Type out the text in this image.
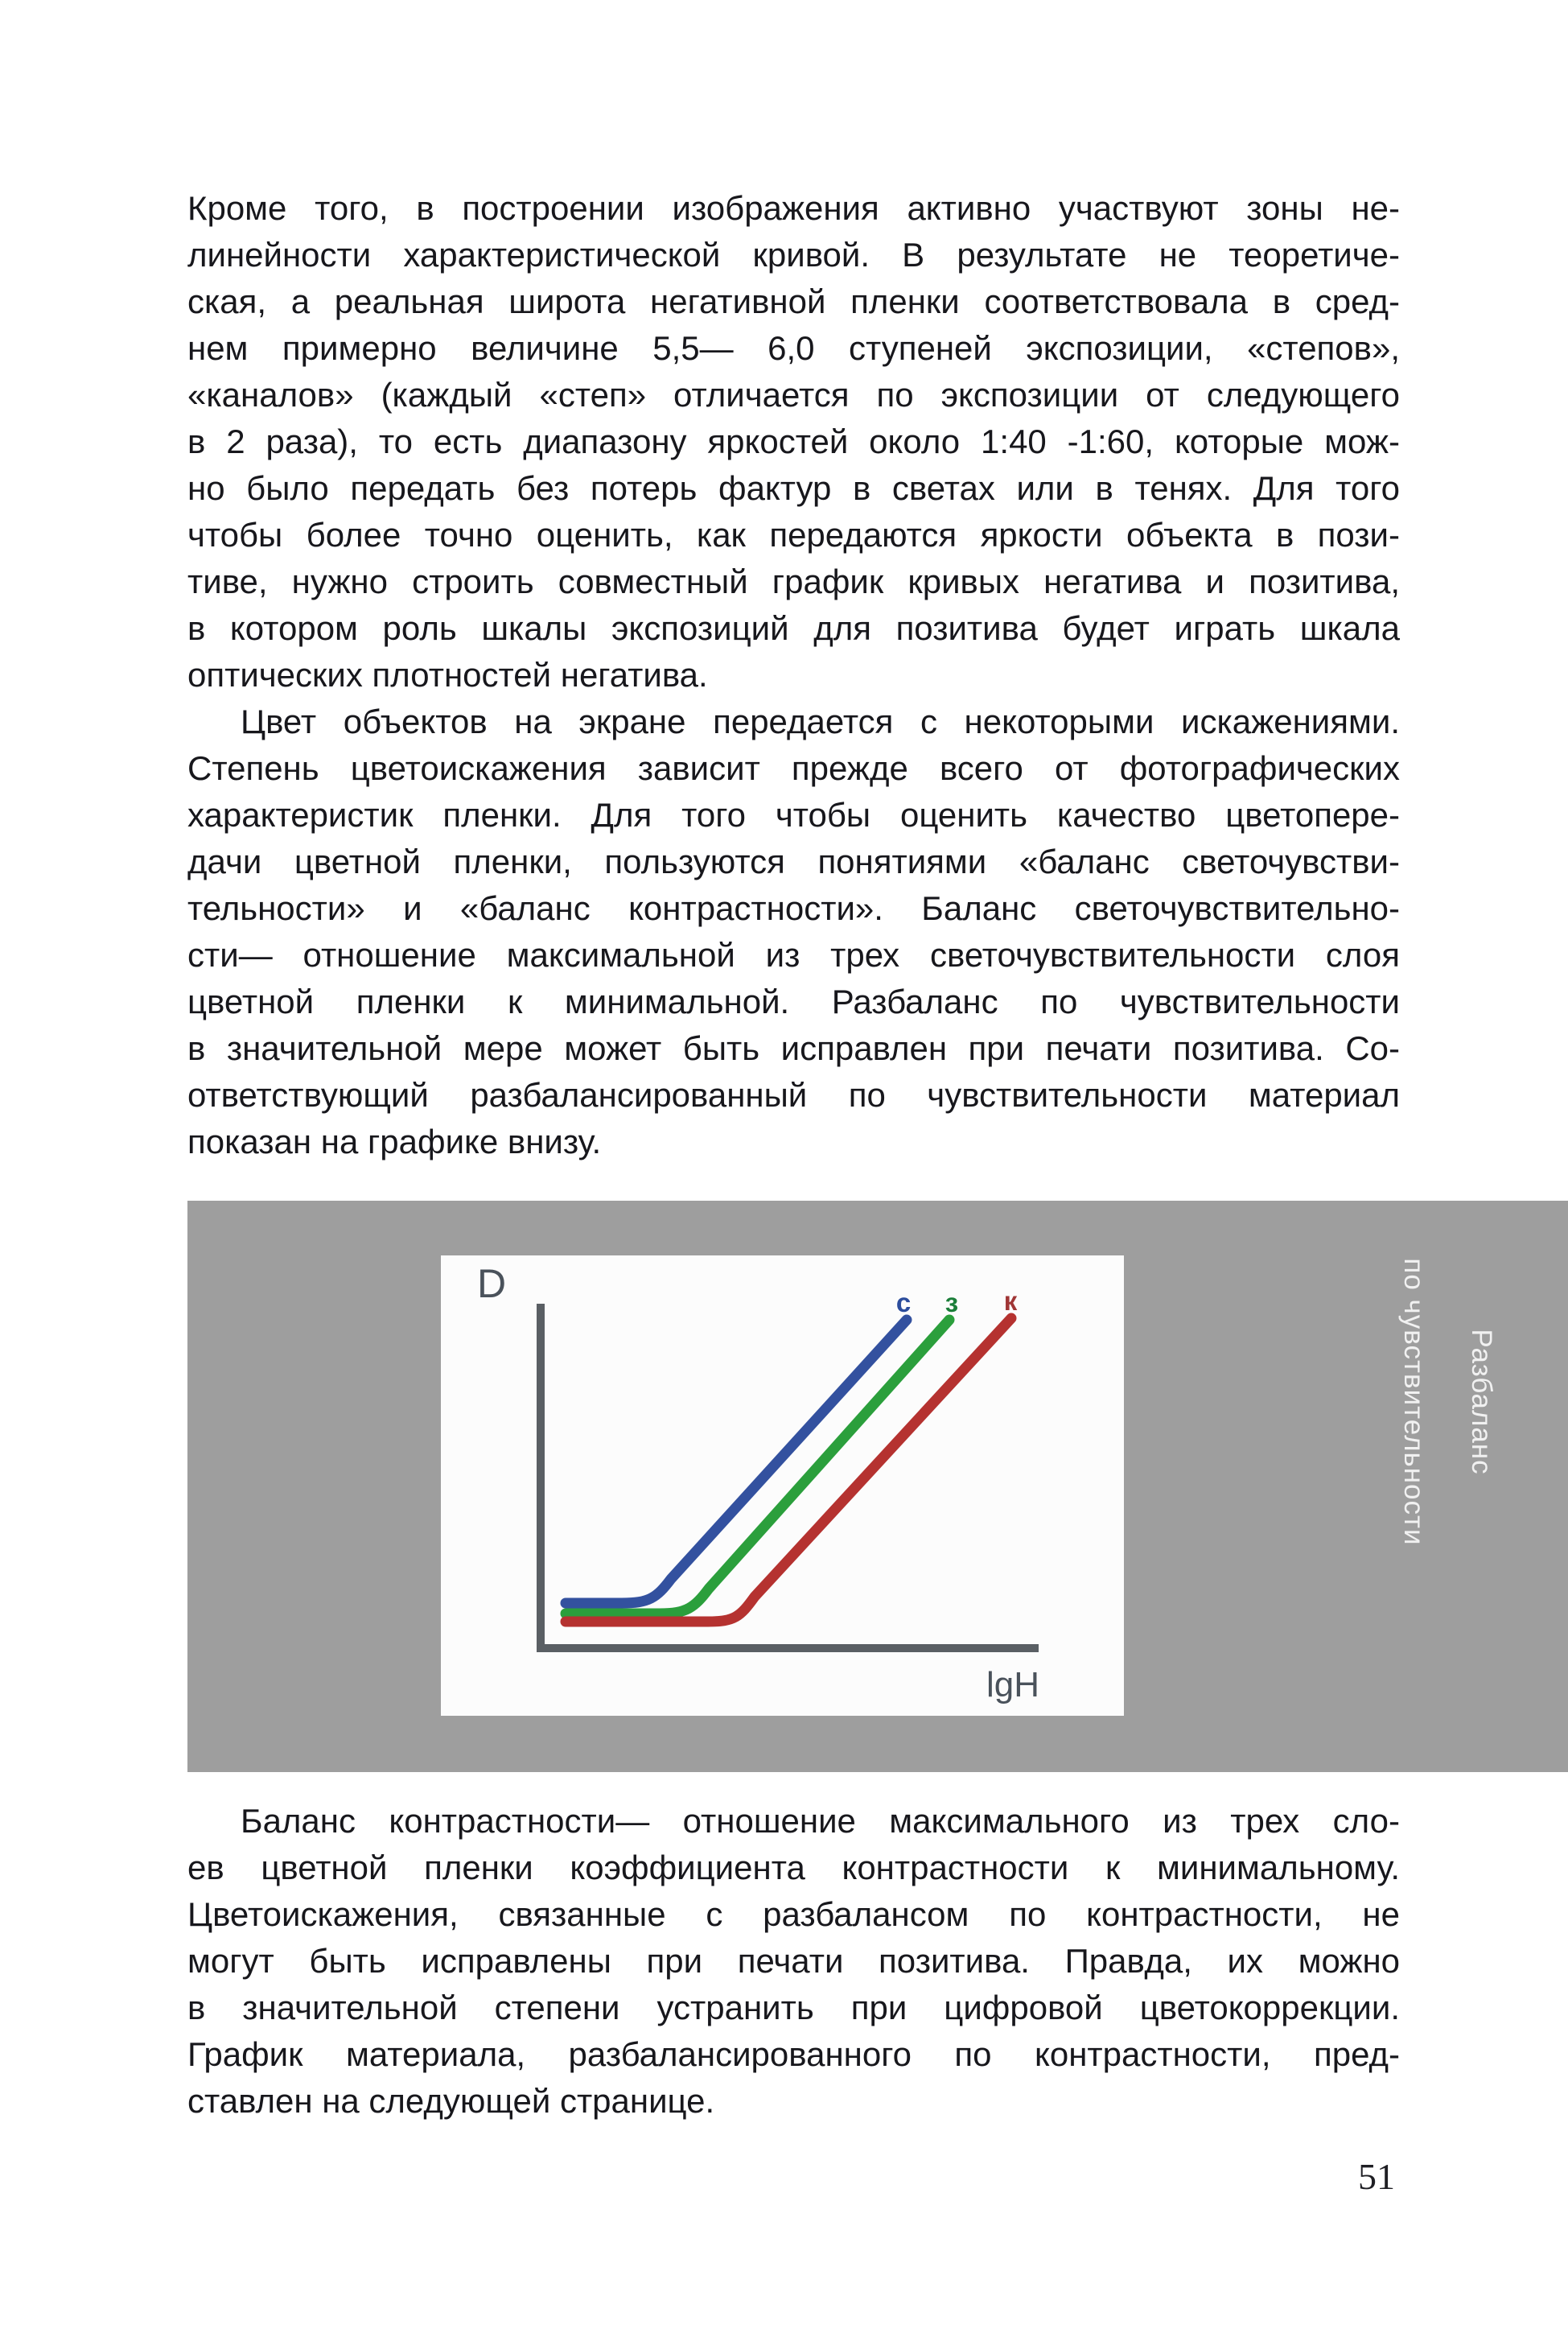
Кроме того, в построении изображения активно участвуют зоны не-
линейности характеристической кривой. В результате не теоретиче-
ская, а реальная широта негативной пленки соответствовала в сред-
нем примерно величине 5,5— 6,0 ступеней экспозиции, «степов»,
«каналов» (каждый «степ» отличается по экспозиции от следующего
в 2 раза), то есть диапазону яркостей около 1:40 -1:60, которые мож-
но было передать без потерь фактур в светах или в тенях. Для того
чтобы более точно оценить, как передаются яркости объекта в пози-
тиве, нужно строить совместный график кривых негатива и позитива,
в котором роль шкалы экспозиций для позитива будет играть шкала
оптических плотностей негатива.
Цвет объектов на экране передается с некоторыми искажениями.
Степень цветоискажения зависит прежде всего от фотографических
характеристик пленки. Для того чтобы оценить качество цветопере-
дачи цветной пленки, пользуются понятиями «баланс светочувстви-
тельности» и «баланс контрастности». Баланс светочувствительно-
сти— отношение максимальной из трех светочувствительности слоя
цветной пленки к минимальной. Разбаланс по чувствительности
в значительной мере может быть исправлен при печати позитива. Со-
ответствующий разбалансированный по чувствительности материал
показан на графике внизу.
D
lgH
с з к
Разбаланс
по чувствительности
Баланс контрастности— отношение максимального из трех сло-
ев цветной пленки коэффициента контрастности к минимальному.
Цветоискажения, связанные с разбалансом по контрастности, не
могут быть исправлены при печати позитива. Правда, их можно
в значительной степени устранить при цифровой цветокоррекции.
График материала, разбалансированного по контрастности, пред-
ставлен на следующей странице.
51
